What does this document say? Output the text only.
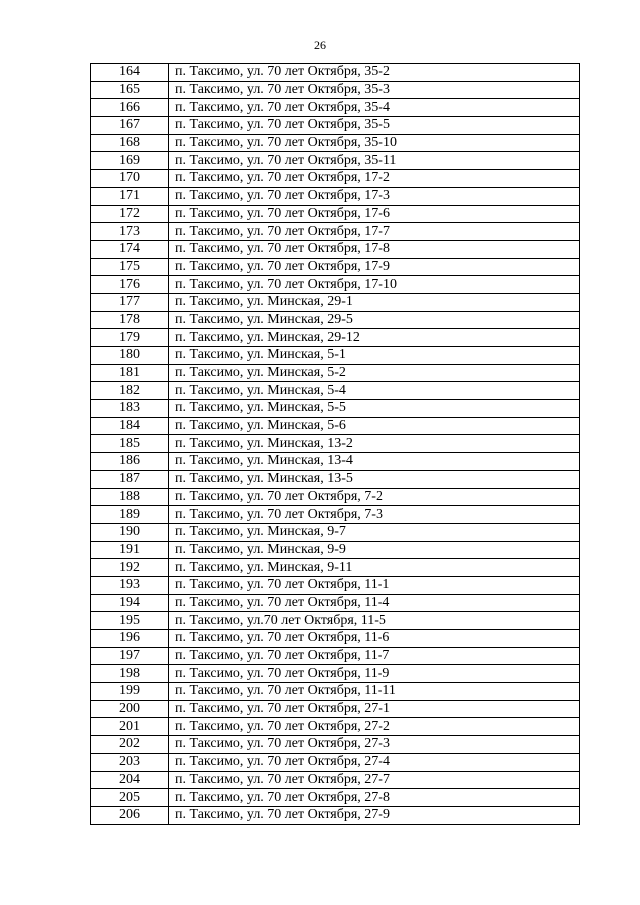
26
164	п. Таксимо, ул. 70 лет Октября, 35-2
165	п. Таксимо, ул. 70 лет Октября, 35-3
166	п. Таксимо, ул. 70 лет Октября, 35-4
167	п. Таксимо, ул. 70 лет Октября, 35-5
168	п. Таксимо, ул. 70 лет Октября, 35-10
169	п. Таксимо, ул. 70 лет Октября, 35-11
170	п. Таксимо, ул. 70 лет Октября, 17-2
171	п. Таксимо, ул. 70 лет Октября, 17-3
172	п. Таксимо, ул. 70 лет Октября, 17-6
173	п. Таксимо, ул. 70 лет Октября, 17-7
174	п. Таксимо, ул. 70 лет Октября, 17-8
175	п. Таксимо, ул. 70 лет Октября, 17-9
176	п. Таксимо, ул. 70 лет Октября, 17-10
177	п. Таксимо, ул. Минская, 29-1
178	п. Таксимо, ул. Минская, 29-5
179	п. Таксимо, ул. Минская, 29-12
180	п. Таксимо, ул. Минская, 5-1
181	п. Таксимо, ул. Минская, 5-2
182	п. Таксимо, ул. Минская, 5-4
183	п. Таксимо, ул. Минская, 5-5
184	п. Таксимо, ул. Минская, 5-6
185	п. Таксимо, ул. Минская, 13-2
186	п. Таксимо, ул. Минская, 13-4
187	п. Таксимо, ул. Минская, 13-5
188	п. Таксимо, ул. 70 лет Октября, 7-2
189	п. Таксимо, ул. 70 лет Октября, 7-3
190	п. Таксимо, ул. Минская, 9-7
191	п. Таксимо, ул. Минская, 9-9
192	п. Таксимо, ул. Минская, 9-11
193	п. Таксимо, ул. 70 лет Октября, 11-1
194	п. Таксимо, ул. 70 лет Октября, 11-4
195	п. Таксимо, ул.70 лет Октября, 11-5
196	п. Таксимо, ул. 70 лет Октября, 11-6
197	п. Таксимо, ул. 70 лет Октября, 11-7
198	п. Таксимо, ул. 70 лет Октября, 11-9
199	п. Таксимо, ул. 70 лет Октября, 11-11
200	п. Таксимо, ул. 70 лет Октября, 27-1
201	п. Таксимо, ул. 70 лет Октября, 27-2
202	п. Таксимо, ул. 70 лет Октября, 27-3
203	п. Таксимо, ул. 70 лет Октября, 27-4
204	п. Таксимо, ул. 70 лет Октября, 27-7
205	п. Таксимо, ул. 70 лет Октября, 27-8
206	п. Таксимо, ул. 70 лет Октября, 27-9
